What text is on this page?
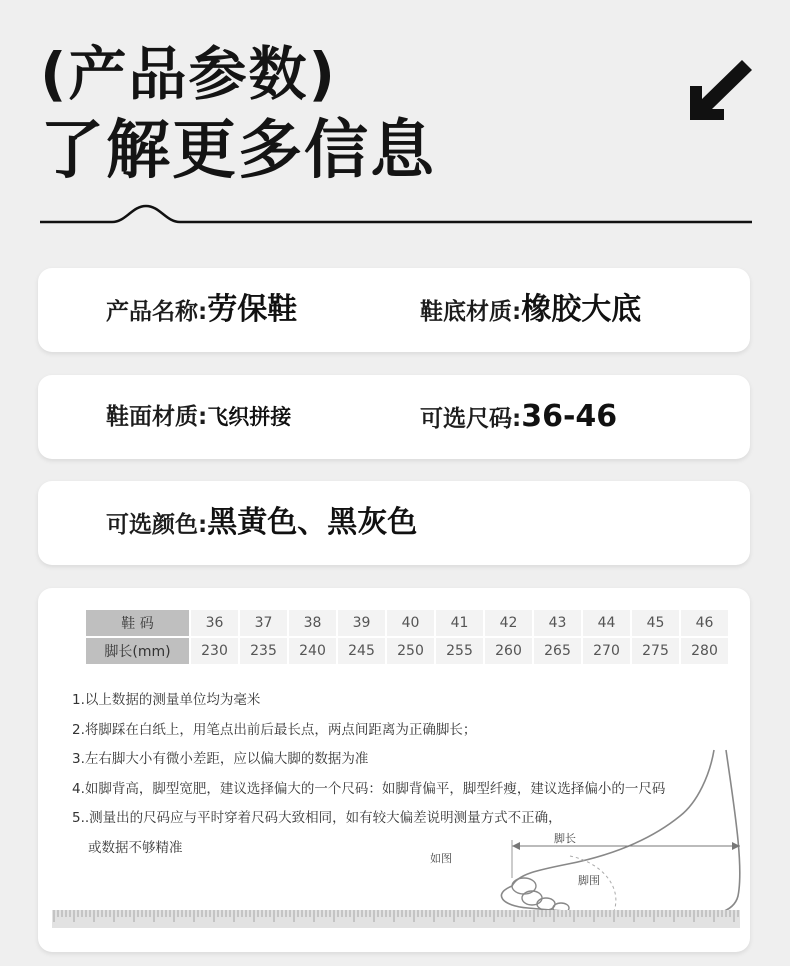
(产品参数)
了解更多信息
产品名称:劳保鞋	鞋底材质:橡胶大底
鞋面材质:飞织拼接	可选尺码:36-46
可选颜色:黑黄色、黑灰色
鞋 码	36	37	38	39	40	41	42	43	44	45	46
脚长(mm)	230	235	240	245	250	255	260	265	270	275	280
脚长
脚围
如图
1.以上数据的测量单位均为毫米
2.将脚踩在白纸上，用笔点出前后最长点，两点间距离为正确脚长；
3.左右脚大小有微小差距，应以偏大脚的数据为准
4.如脚背高，脚型宽肥，建议选择偏大的一个尺码：如脚背偏平，脚型纤瘦，建议选择偏小的一尺码
5..测量出的尺码应与平时穿着尺码大致相同，如有较大偏差说明测量方式不正确，
或数据不够精准
